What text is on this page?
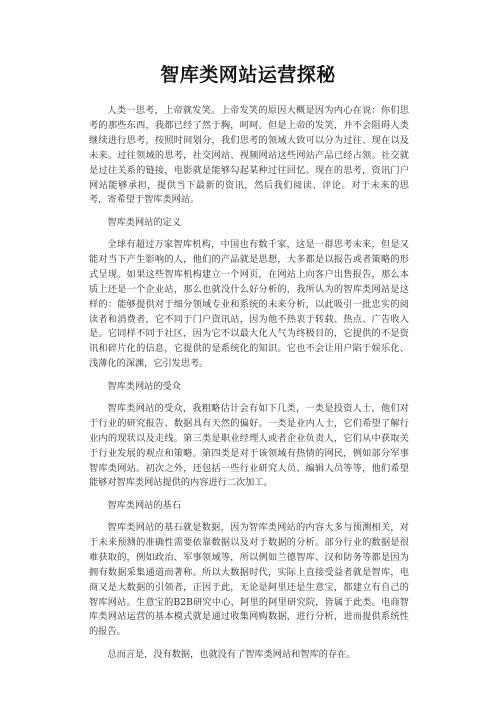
智库类网站运营探秘

人类一思考，上帝就发笑。上帝发笑的原因大概是因为内心在说：你们思考的那些东西，我都已经了然于胸，呵呵。但是上帝的发笑，并不会阻碍人类继续进行思考，按照时间划分，我们思考的领域大致可以分为过往、现在以及未来。过往领域的思考，社交网站、视频网站这些网站产品已经占领。社交就是过往关系的链接，电影就是能够勾起某种过往回忆。现在的思考，资讯门户网站能够承担，提供当下最新的资讯，然后我们阅读、评论。对于未来的思考，寄希望于智库类网站。

智库类网站的定义

全球有超过万家智库机构，中国也有数千家，这是一群思考未来，但是又能对当下产生影响的人，他们的产品就是思想，大多都是以报告或者策略的形式呈现。如果这些智库机构建立一个网页，在网站上向客户出售报告，那么本质上还是一个企业站，那么也就没什么好分析的，我所认为的智库类网站是这样的：能够提供对于细分领域专业和系统的未来分析，以此吸引一批忠实的阅读者和消费者，它不同于门户资讯站，因为他不热衷于转载、热点、广告收入是。它同样不同于社区，因为它不以最大化人气为终极目的，它提供的不是资讯和碎片化的信息，它提供的是系统化的知识。它也不会让用户陷于娱乐化、浅薄化的深渊，它引发思考。

智库类网站的受众

智库类网站的受众，我粗略估计会有如下几类，一类是投资人士，他们对于行业的研究报告、数据具有天然的偏好。一类是业内人士，它们希望了解行业内的现状以及走线。第三类是职业经理人或者企业负责人，它们从中获取关于行业发展的观点和策略。第四类是对于该领域有热情的网民，例如部分军事智库类网站。初次之外，还包括一些行业研究人员、编辑人员等等，他们希望能够对智库类网站提供的内容进行二次加工。

智库类网站的基石

智库类网站的基石就是数据，因为智库类网站的内容大多与预测相关，对于未来预测的准确性需要依靠数据以及对于数据的分析。部分行业的数据是很难获取的，例如政治、军事领域等，所以例如兰德智库、汉和防务等都是因为拥有数据采集通道而著称。所以大数据时代，实际上直接受益者就是智库，电商又是大数据的引领者，正因于此，无论是阿里还是生意宝，都建立有自己的智库网站。生意宝的B2B研究中心，阿里的阿里研究院，皆属于此类。电商智库类网站运营的基本模式就是通过收集网购数据，进行分析，进而提供系统性的报告。

总而言是，没有数据，也就没有了智库类网站和智库的存在。
